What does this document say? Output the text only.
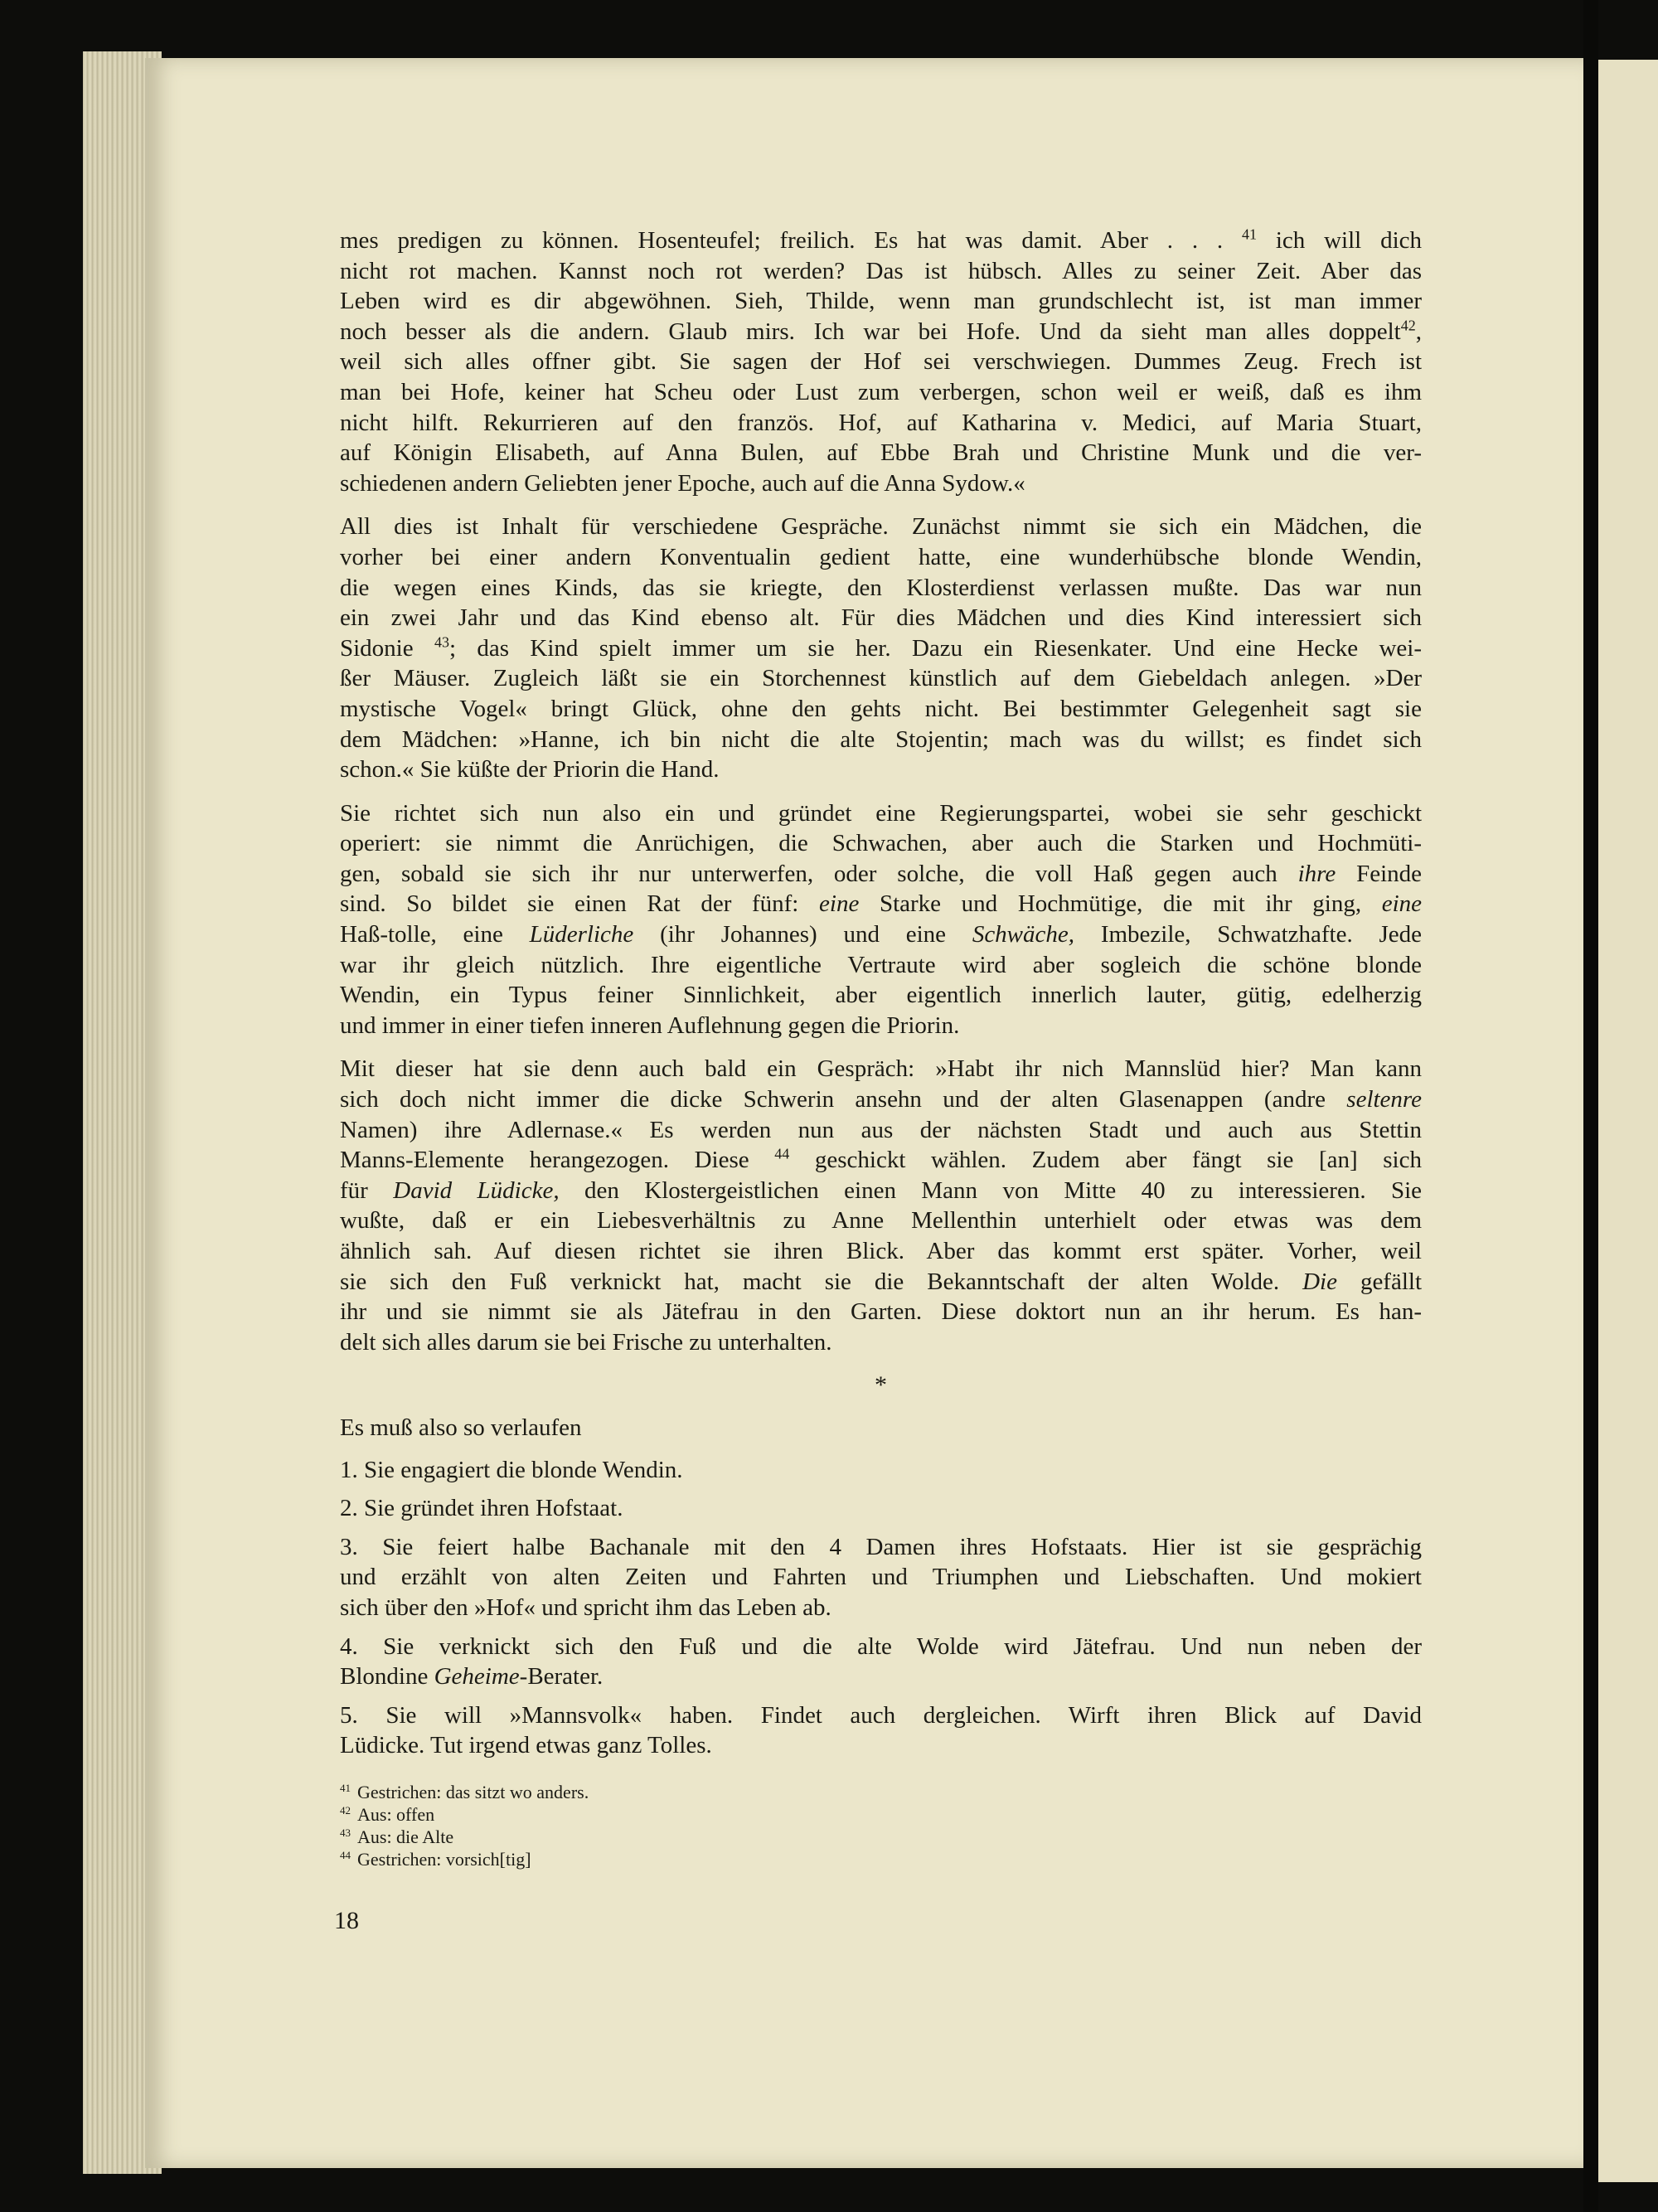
mes predigen zu können. Hosenteufel; freilich. Es hat was damit. Aber . . . $^{41}$ ich will dich
nicht rot machen. Kannst noch rot werden? Das ist hübsch. Alles zu seiner Zeit. Aber das
Leben wird es dir abgewöhnen. Sieh, Thilde, wenn man grundschlecht ist, ist man immer
noch besser als die andern. Glaub mirs. Ich war bei Hofe. Und da sieht man alles doppelt$^{42}$,
weil sich alles offner gibt. Sie sagen der Hof sei verschwiegen. Dummes Zeug. Frech ist
man bei Hofe, keiner hat Scheu oder Lust zum verbergen, schon weil er weiß, daß es ihm
nicht hilft. Rekurrieren auf den französ. Hof, auf Katharina v. Medici, auf Maria Stuart,
auf Königin Elisabeth, auf Anna Bulen, auf Ebbe Brah und Christine Munk und die ver-
schiedenen andern Geliebten jener Epoche, auch auf die Anna Sydow.«
All dies ist Inhalt für verschiedene Gespräche. Zunächst nimmt sie sich ein Mädchen, die
vorher bei einer andern Konventualin gedient hatte, eine wunderhübsche blonde Wendin,
die wegen eines Kinds, das sie kriegte, den Klosterdienst verlassen mußte. Das war nun
ein zwei Jahr und das Kind ebenso alt. Für dies Mädchen und dies Kind interessiert sich
Sidonie $^{43}$; das Kind spielt immer um sie her. Dazu ein Riesenkater. Und eine Hecke wei-
ßer Mäuser. Zugleich läßt sie ein Storchennest künstlich auf dem Giebeldach anlegen. »Der
mystische Vogel« bringt Glück, ohne den gehts nicht. Bei bestimmter Gelegenheit sagt sie
dem Mädchen: »Hanne, ich bin nicht die alte Stojentin; mach was du willst; es findet sich
schon.« Sie küßte der Priorin die Hand.
Sie richtet sich nun also ein und gründet eine Regierungspartei, wobei sie sehr geschickt
operiert: sie nimmt die Anrüchigen, die Schwachen, aber auch die Starken und Hochmüti-
gen, sobald sie sich ihr nur unterwerfen, oder solche, die voll Haß gegen auch ihre Feinde
sind. So bildet sie einen Rat der fünf: eine Starke und Hochmütige, die mit ihr ging, eine
Haß-tolle, eine Lüderliche (ihr Johannes) und eine Schwäche, Imbezile, Schwatzhafte. Jede
war ihr gleich nützlich. Ihre eigentliche Vertraute wird aber sogleich die schöne blonde
Wendin, ein Typus feiner Sinnlichkeit, aber eigentlich innerlich lauter, gütig, edelherzig
und immer in einer tiefen inneren Auflehnung gegen die Priorin.
Mit dieser hat sie denn auch bald ein Gespräch: »Habt ihr nich Mannslüd hier? Man kann
sich doch nicht immer die dicke Schwerin ansehn und der alten Glasenappen (andre seltenre
Namen) ihre Adlernase.« Es werden nun aus der nächsten Stadt und auch aus Stettin
Manns-Elemente herangezogen. Diese $^{44}$ geschickt wählen. Zudem aber fängt sie [an] sich
für David Lüdicke, den Klostergeistlichen einen Mann von Mitte 40 zu interessieren. Sie
wußte, daß er ein Liebesverhältnis zu Anne Mellenthin unterhielt oder etwas was dem
ähnlich sah. Auf diesen richtet sie ihren Blick. Aber das kommt erst später. Vorher, weil
sie sich den Fuß verknickt hat, macht sie die Bekanntschaft der alten Wolde. Die gefällt
ihr und sie nimmt sie als Jätefrau in den Garten. Diese doktort nun an ihr herum. Es han-
delt sich alles darum sie bei Frische zu unterhalten.
*
Es muß also so verlaufen
1. Sie engagiert die blonde Wendin.
2. Sie gründet ihren Hofstaat.
3. Sie feiert halbe Bachanale mit den 4 Damen ihres Hofstaats. Hier ist sie gesprächig
und erzählt von alten Zeiten und Fahrten und Triumphen und Liebschaften. Und mokiert
sich über den »Hof« und spricht ihm das Leben ab.
4. Sie verknickt sich den Fuß und die alte Wolde wird Jätefrau. Und nun neben der
Blondine Geheime-Berater.
5. Sie will »Mannsvolk« haben. Findet auch dergleichen. Wirft ihren Blick auf David
Lüdicke. Tut irgend etwas ganz Tolles.
$^{41}$ Gestrichen: das sitzt wo anders.
$^{42}$ Aus: offen
$^{43}$ Aus: die Alte
$^{44}$ Gestrichen: vorsich[tig]
18
